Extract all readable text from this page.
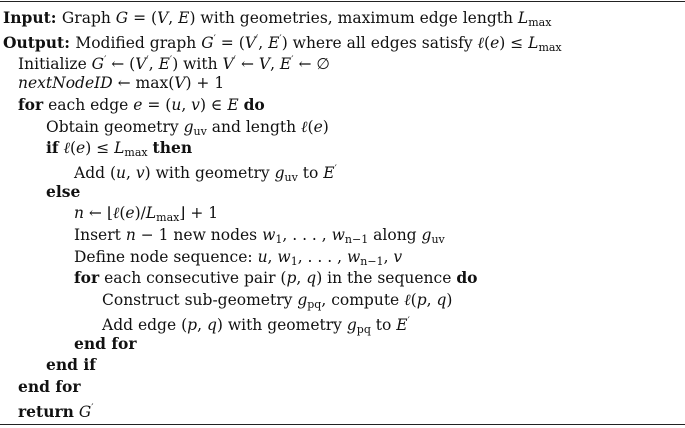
Input: Graph G = (V, E) with geometries, maximum edge length $L_{max}$
Output: Modified graph G′ = (V′, E′) where all edges satisfy ℓ(e) ≤ $L_{max}$
Initialize G′ ← (V′, E′) with V′ ← V, E′ ← ∅
nextNodeID ← max(V) + 1
for each edge e = (u, v) ∈ E do
Obtain geometry $g_{uv}$ and length ℓ(e)
if ℓ(e) ≤ $L_{max}$ then
Add (u, v) with geometry $g_{uv}$ to E′
else
n ← $⌊\ell(e)/L_{max}⌋ + 1$
Insert n − 1 new nodes $w_1$, . . . , $w_{n-1}$ along $g_{uv}$
Define node sequence: u, $w_1$, . . . , $w_{n-1}$, v
for each consecutive pair (p, q) in the sequence do
Construct sub-geometry $g_{pq}$, compute ℓ(p, q)
Add edge (p, q) with geometry $g_{pq}$ to E′
end for
end if
end for
return G′
